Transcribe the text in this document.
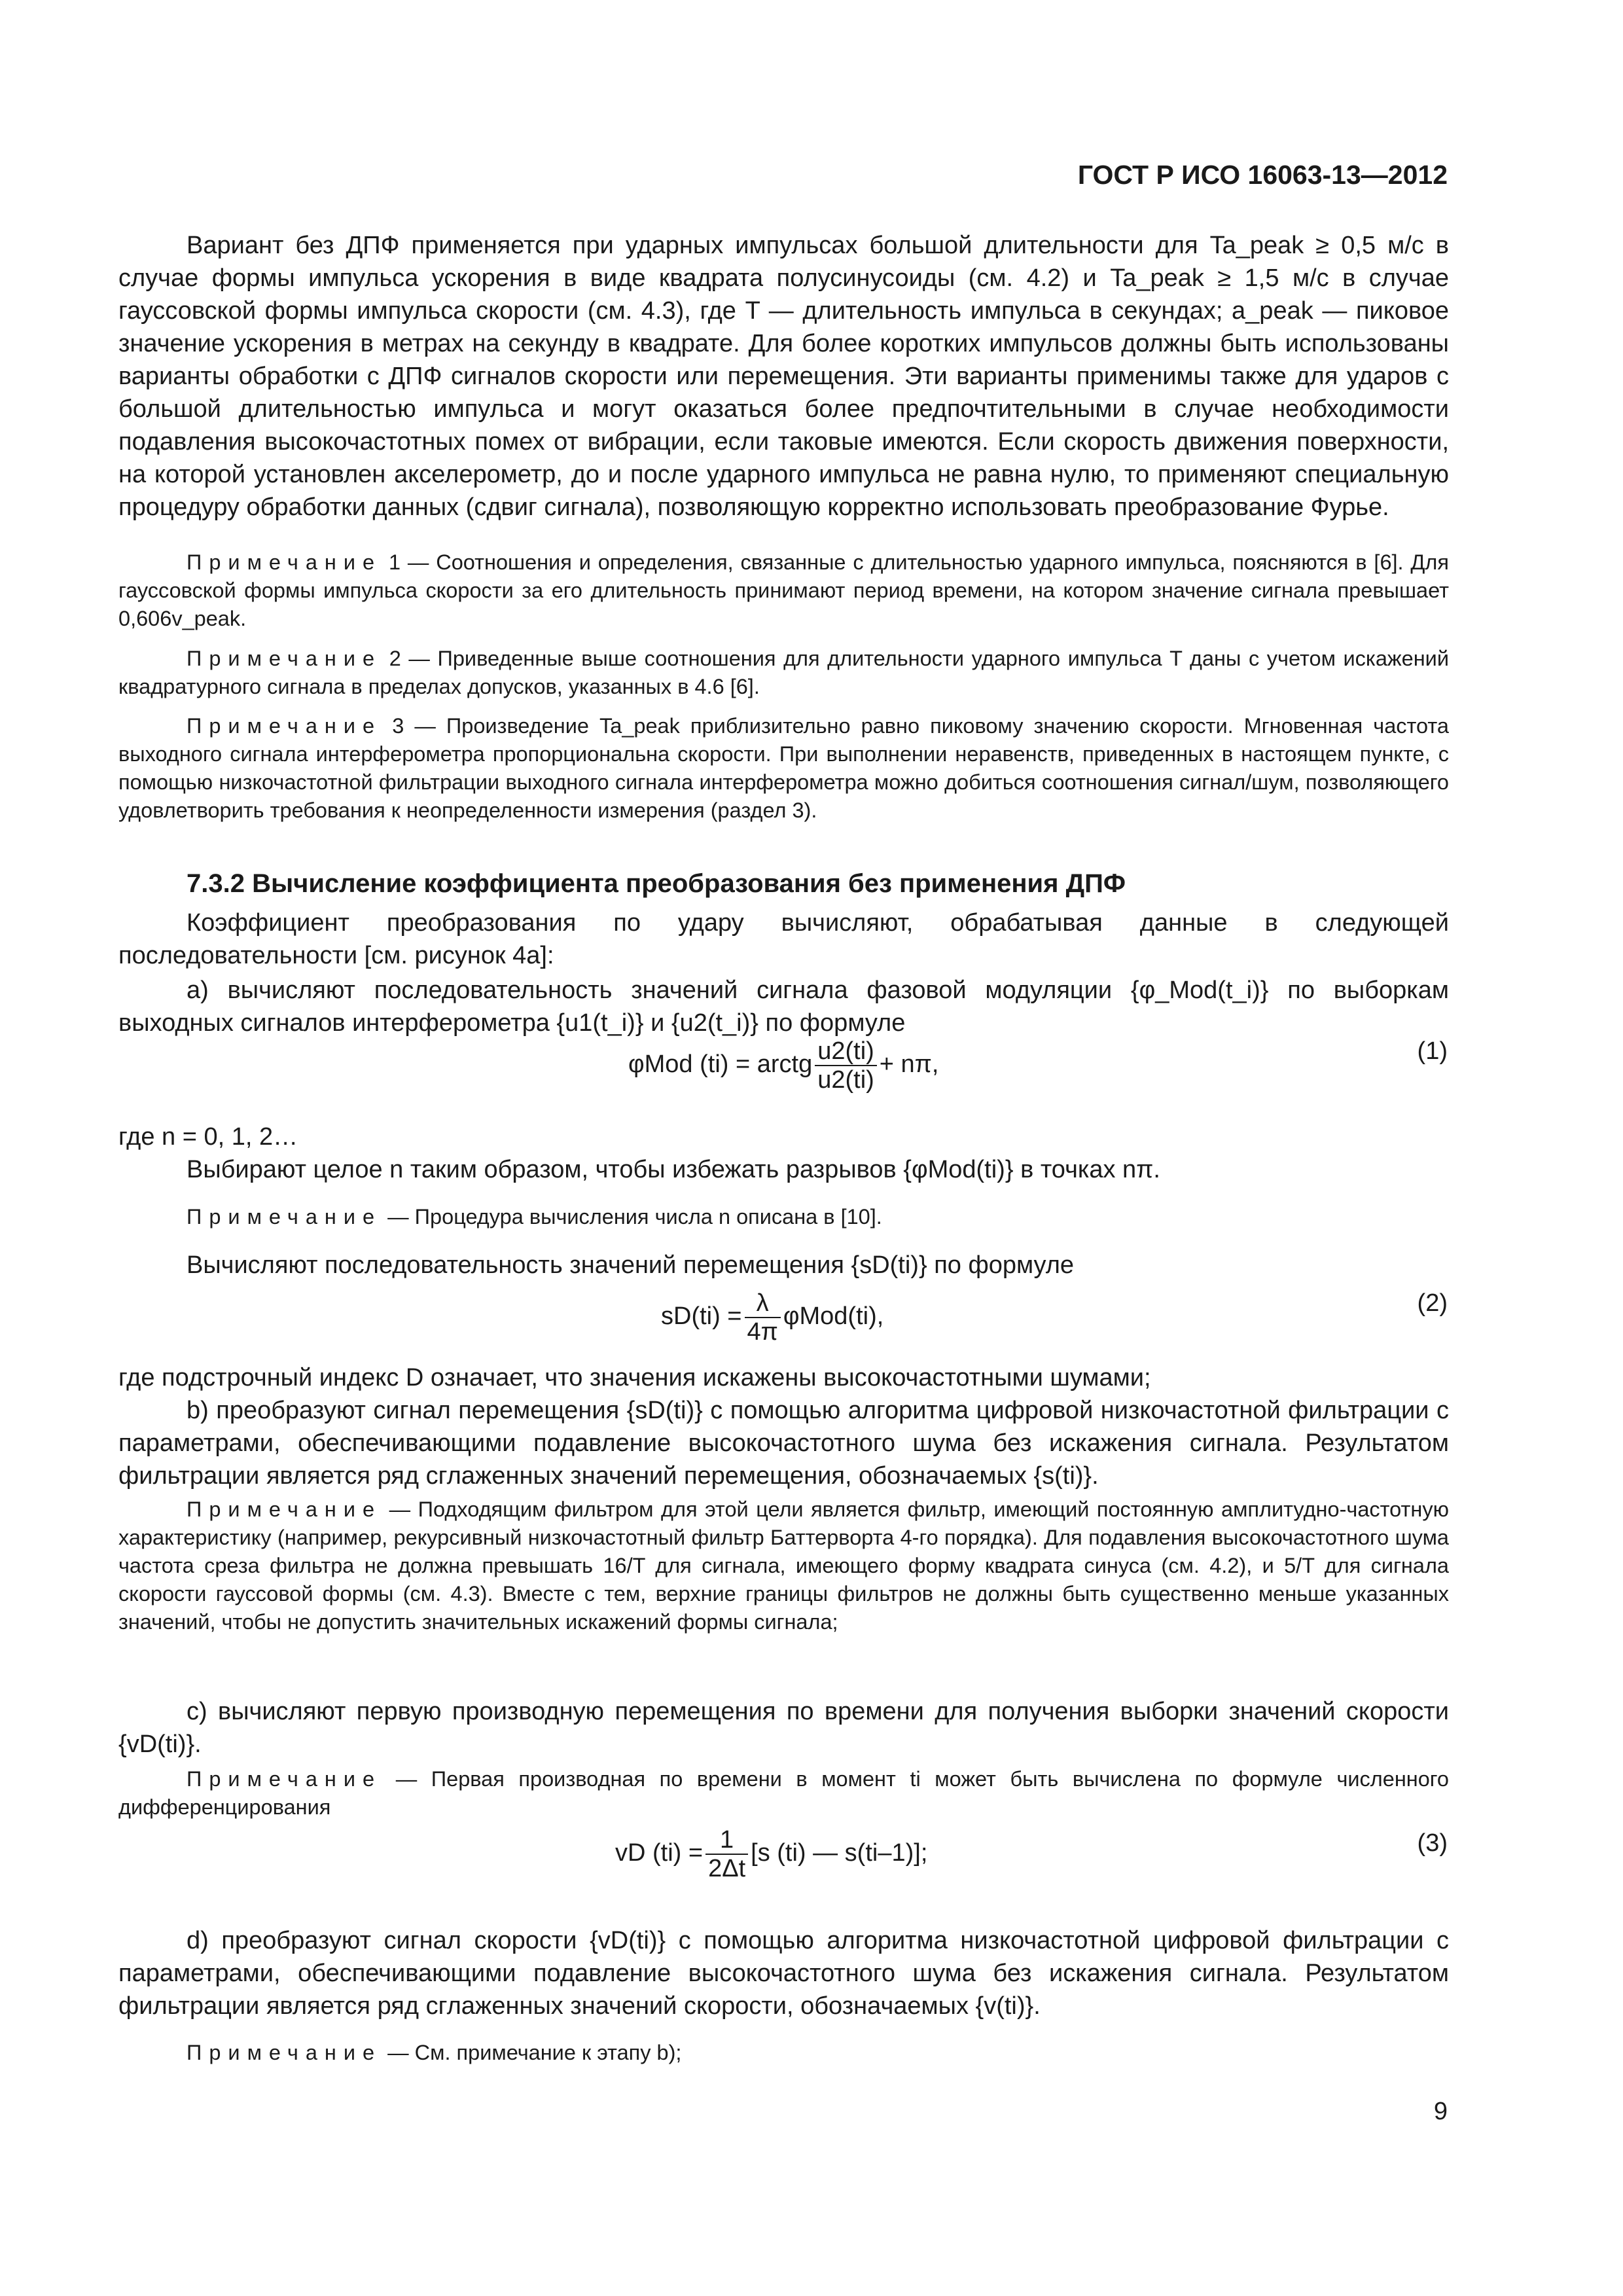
ГОСТ Р ИСО 16063-13—2012
Вариант без ДПФ применяется при ударных импульсах большой длительности для Ta_peak ≥ 0,5 м/с в случае формы импульса ускорения в виде квадрата полусинусоиды (см. 4.2) и Ta_peak ≥ 1,5 м/с в случае гауссовской формы импульса скорости (см. 4.3), где T — длительность импульса в секундах; a_peak — пиковое значение ускорения в метрах на секунду в квадрате. Для более коротких импульсов должны быть использованы варианты обработки с ДПФ сигналов скорости или перемещения. Эти варианты применимы также для ударов с большой длительностью импульса и могут оказаться более предпочтительными в случае необходимости подавления высокочастотных помех от вибрации, если таковые имеются. Если скорость движения поверхности, на которой установлен акселерометр, до и после ударного импульса не равна нулю, то применяют специальную процедуру обработки данных (сдвиг сигнала), позволяющую корректно использовать преобразование Фурье.
Примечание 1 — Соотношения и определения, связанные с длительностью ударного импульса, поясняются в [6]. Для гауссовской формы импульса скорости за его длительность принимают период времени, на котором значение сигнала превышает 0,606v_peak.
Примечание 2 — Приведенные выше соотношения для длительности ударного импульса T даны с учетом искажений квадратурного сигнала в пределах допусков, указанных в 4.6 [6].
Примечание 3 — Произведение Ta_peak приблизительно равно пиковому значению скорости. Мгновенная частота выходного сигнала интерферометра пропорциональна скорости. При выполнении неравенств, приведенных в настоящем пункте, с помощью низкочастотной фильтрации выходного сигнала интерферометра можно добиться соотношения сигнал/шум, позволяющего удовлетворить требования к неопределенности измерения (раздел 3).
7.3.2 Вычисление коэффициента преобразования без применения ДПФ
Коэффициент преобразования по удару вычисляют, обрабатывая данные в следующей последовательности [см. рисунок 4а]:
a) вычисляют последовательность значений сигнала фазовой модуляции {φ_Mod(t_i)} по выборкам выходных сигналов интерферометра {u1(t_i)} и {u2(t_i)} по формуле
φMod (ti) = arctg $\frac{u2(ti)}{u2(ti)} + n\pi$,	(1)
где n = 0, 1, 2…
Выбирают целое n таким образом, чтобы избежать разрывов {φMod(ti)} в точках nπ.
Примечание — Процедура вычисления числа n описана в [10].
Вычисляют последовательность значений перемещения {sD(ti)} по формуле
$sD(ti) = \frac{\lambda}{4\pi} \varphi Mod(ti)$,	(2)
где подстрочный индекс D означает, что значения искажены высокочастотными шумами;
b) преобразуют сигнал перемещения {sD(ti)} с помощью алгоритма цифровой низкочастотной фильтрации с параметрами, обеспечивающими подавление высокочастотного шума без искажения сигнала. Результатом фильтрации является ряд сглаженных значений перемещения, обозначаемых {s(ti)}.
Примечание — Подходящим фильтром для этой цели является фильтр, имеющий постоянную амплитудно-частотную характеристику (например, рекурсивный низкочастотный фильтр Баттерворта 4-го порядка). Для подавления высокочастотного шума частота среза фильтра не должна превышать 16/T для сигнала, имеющего форму квадрата синуса (см. 4.2), и 5/T для сигнала скорости гауссовой формы (см. 4.3). Вместе с тем, верхние границы фильтров не должны быть существенно меньше указанных значений, чтобы не допустить значительных искажений формы сигнала;
c) вычисляют первую производную перемещения по времени для получения выборки значений скорости {vD(ti)}.
Примечание — Первая производная по времени в момент ti может быть вычислена по формуле численного дифференцирования
vD $(ti) = \frac{1}{2\Delta t} [s$ (ti) — s(ti–1)];	(3)
d) преобразуют сигнал скорости {vD(ti)} с помощью алгоритма низкочастотной цифровой фильтрации с параметрами, обеспечивающими подавление высокочастотного шума без искажения сигнала. Результатом фильтрации является ряд сглаженных значений скорости, обозначаемых {v(ti)}.
Примечание — См. примечание к этапу b);
9
